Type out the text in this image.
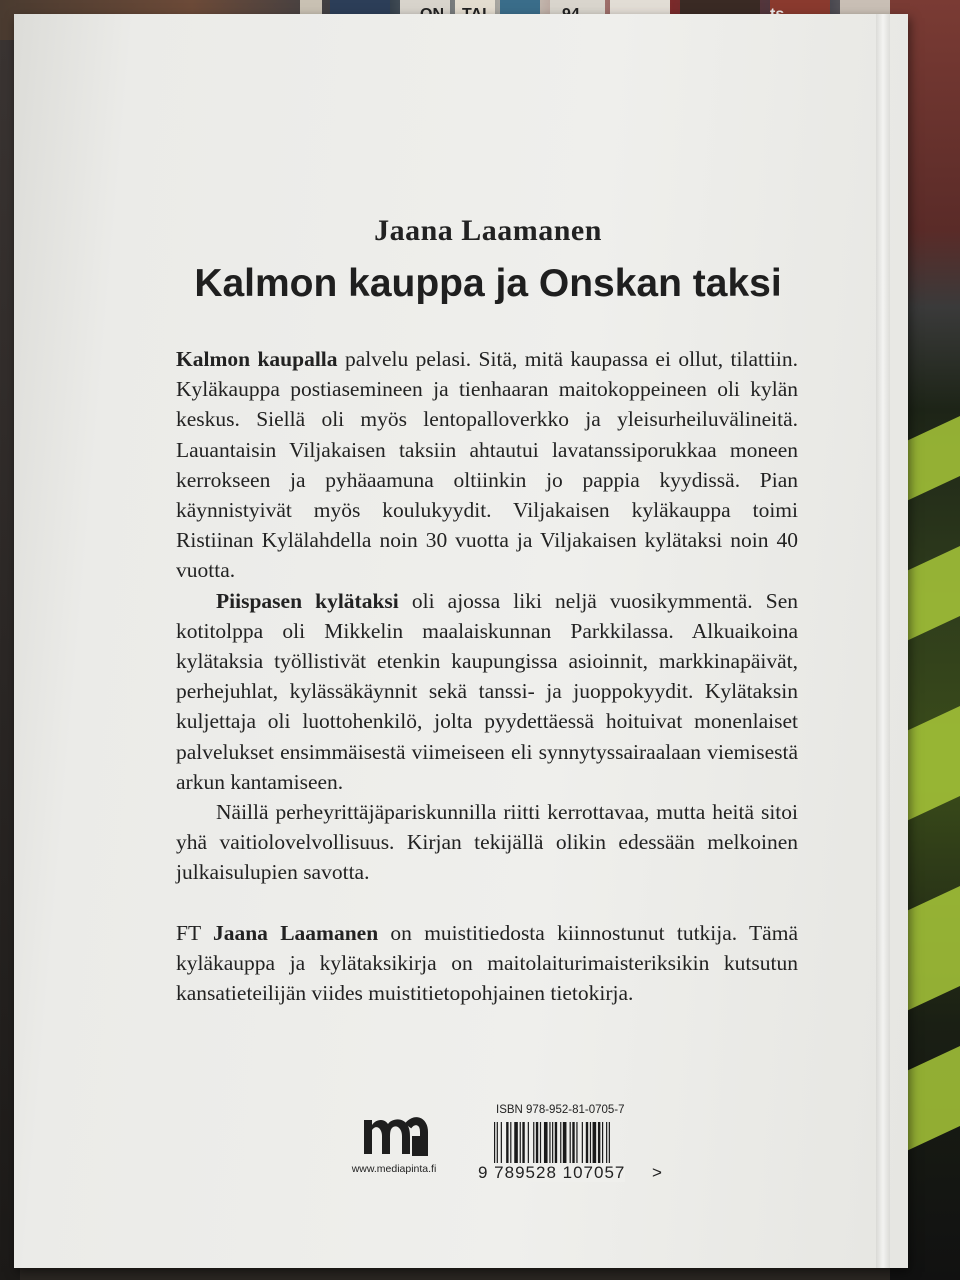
Jaana Laamanen
Kalmon kauppa ja Onskan taksi

Kalmon kaupalla palvelu pelasi. Sitä, mitä kaupassa ei ollut, tilattiin. Kyläkauppa postiasemineen ja tienhaaran maitokoppeineen oli kylän keskus. Siellä oli myös lentopalloverkko ja yleisurheiluvälineitä. Lauantaisin Viljakaisen taksiin ahtautui lavatanssiporukkaa moneen kerrokseen ja pyhäaamuna oltiinkin jo pappia kyydissä. Pian käynnistyivät myös koulukyydit. Viljakaisen kyläkauppa toimi Ristiinan Kylälahdella noin 30 vuotta ja Viljakaisen kylätaksi noin 40 vuotta.

Piispasen kylätaksi oli ajossa liki neljä vuosikymmentä. Sen kotitolppa oli Mikkelin maalaiskunnan Parkkilassa. Alkuaikoina kylätaksia työllistivät etenkin kaupungissa asioinnit, markkinapäivät, perhejuhlat, kylässäkäynnit sekä tanssi- ja juoppokyydit. Kylätaksin kuljettaja oli luottohenkilö, jolta pyydettäessä hoituivat monenlaiset palvelukset ensimmäisestä viimeiseen eli synnytyssairaalaan viemisestä arkun kantamiseen.

Näillä perheyrittäjäpariskunnilla riitti kerrottavaa, mutta heitä sitoi yhä vaitiolovelvollisuus. Kirjan tekijällä olikin edessään melkoinen julkaisulupien savotta.

FT Jaana Laamanen on muistitiedosta kiinnostunut tutkija. Tämä kyläkauppa ja kylätaksikirja on maitolaiturimaisteriksikin kutsutun kansatieteilijän viides muistitietopohjainen tietokirja.

www.mediapinta.fi
ISBN 978-952-81-0705-7
9 789528 107057 >
